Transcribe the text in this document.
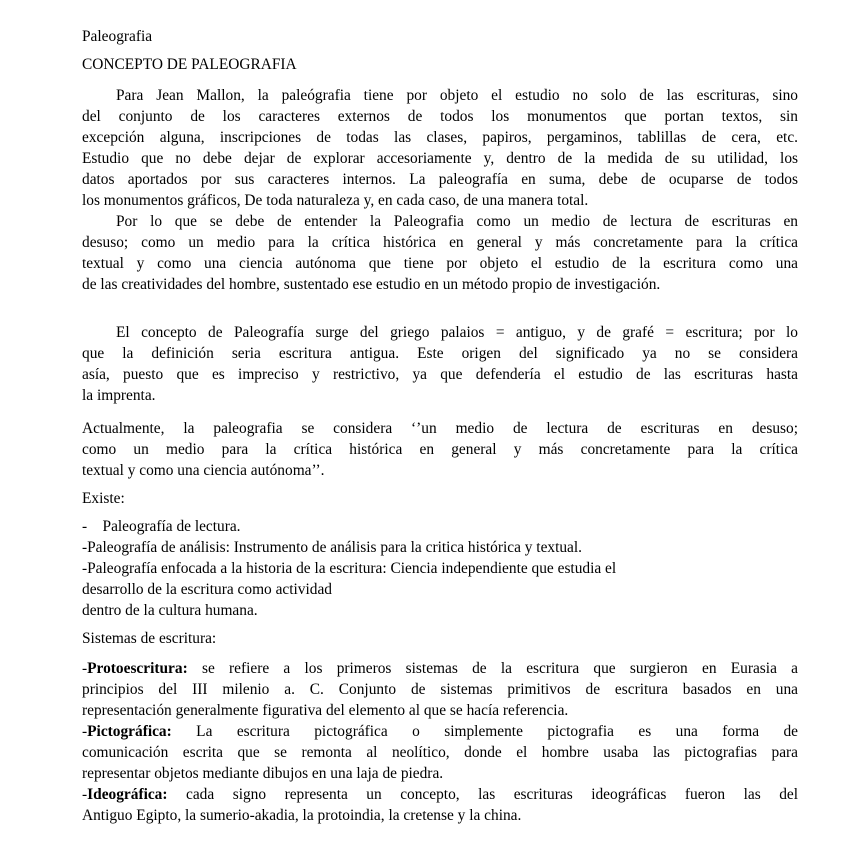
Paleografia
CONCEPTO DE PALEOGRAFIA
Para Jean Mallon, la paleógrafia tiene por objeto el estudio no solo de las escrituras, sino
del conjunto de los caracteres externos de todos los monumentos que portan textos, sin
excepción alguna, inscripciones de todas las clases, papiros, pergaminos, tablillas de cera, etc.
Estudio que no debe dejar de explorar accesoriamente y, dentro de la medida de su utilidad, los
datos aportados por sus caracteres internos. La paleografía en suma, debe de ocuparse de todos
los monumentos gráficos, De toda naturaleza y, en cada caso, de una manera total.
Por lo que se debe de entender la Paleografia como un medio de lectura de escrituras en
desuso; como un medio para la crítica histórica en general y más concretamente para la crítica
textual y como una ciencia autónoma que tiene por objeto el estudio de la escritura como una
de las creatividades del hombre, sustentado ese estudio en un método propio de investigación.
El concepto de Paleografía surge del griego palaios = antiguo, y de grafé = escritura; por lo
que la definición seria escritura antigua. Este origen del significado ya no se considera
asía, puesto que es impreciso y restrictivo, ya que defendería el estudio de las escrituras hasta
la imprenta.
Actualmente, la paleografia se considera ‘’un medio de lectura de escrituras en desuso;
como un medio para la crítica histórica en general y más concretamente para la crítica
textual y como una ciencia autónoma’’.
Existe:
-    Paleografía de lectura.
-Paleografía de análisis: Instrumento de análisis para la critica histórica y textual.
-Paleografía enfocada a la historia de la escritura: Ciencia independiente que estudia el
desarrollo de la escritura como actividad
dentro de la cultura humana.
Sistemas de escritura:
-Protoescritura: se refiere a los primeros sistemas de la escritura que surgieron en Eurasia a
principios del III milenio a. C. Conjunto de sistemas primitivos de escritura basados en una
representación generalmente figurativa del elemento al que se hacía referencia.
-Pictográfica: La escritura pictográfica o simplemente pictografia es una forma de
comunicación escrita que se remonta al neolítico, donde el hombre usaba las pictografias para
representar objetos mediante dibujos en una laja de piedra.
-Ideográfica: cada signo representa un concepto, las escrituras ideográficas fueron las del
Antiguo Egipto, la sumerio-akadia, la protoindia, la cretense y la china.
